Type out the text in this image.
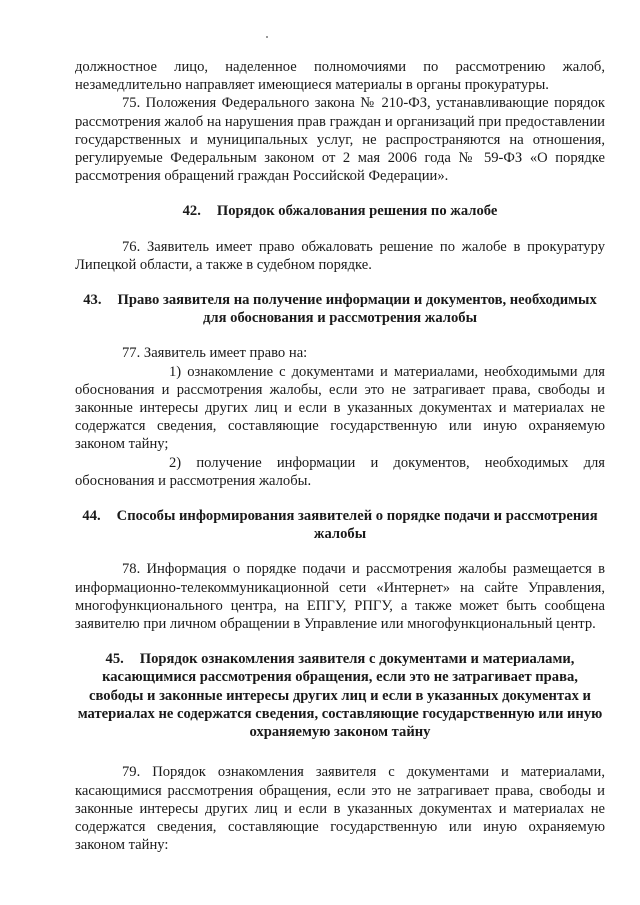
должностное лицо, наделенное полномочиями по рассмотрению жалоб, незамедлительно направляет имеющиеся материалы в органы прокуратуры.

75. Положения Федерального закона № 210-ФЗ, устанавливающие порядок рассмотрения жалоб на нарушения прав граждан и организаций при предоставлении государственных и муниципальных услуг, не распространяются на отношения, регулируемые Федеральным законом от 2 мая 2006 года № 59-ФЗ «О порядке рассмотрения обращений граждан Российской Федерации».

42. Порядок обжалования решения по жалобе

76. Заявитель имеет право обжаловать решение по жалобе в прокуратуру Липецкой области, а также в судебном порядке.

43. Право заявителя на получение информации и документов, необходимых для обоснования и рассмотрения жалобы

77. Заявитель имеет право на:

1) ознакомление с документами и материалами, необходимыми для обоснования и рассмотрения жалобы, если это не затрагивает права, свободы и законные интересы других лиц и если в указанных документах и материалах не содержатся сведения, составляющие государственную или иную охраняемую законом тайну;

2) получение информации и документов, необходимых для обоснования и рассмотрения жалобы.

44. Способы информирования заявителей о порядке подачи и рассмотрения жалобы

78. Информация о порядке подачи и рассмотрения жалобы размещается в информационно-телекоммуникационной сети «Интернет» на сайте Управления, многофункционального центра, на ЕПГУ, РПГУ, а также может быть сообщена заявителю при личном обращении в Управление или многофункциональный центр.

45. Порядок ознакомления заявителя с документами и материалами, касающимися рассмотрения обращения, если это не затрагивает права, свободы и законные интересы других лиц и если в указанных документах и материалах не содержатся сведения, составляющие государственную или иную охраняемую законом тайну

79. Порядок ознакомления заявителя с документами и материалами, касающимися рассмотрения обращения, если это не затрагивает права, свободы и законные интересы других лиц и если в указанных документах и материалах не содержатся сведения, составляющие государственную или иную охраняемую законом тайну:
